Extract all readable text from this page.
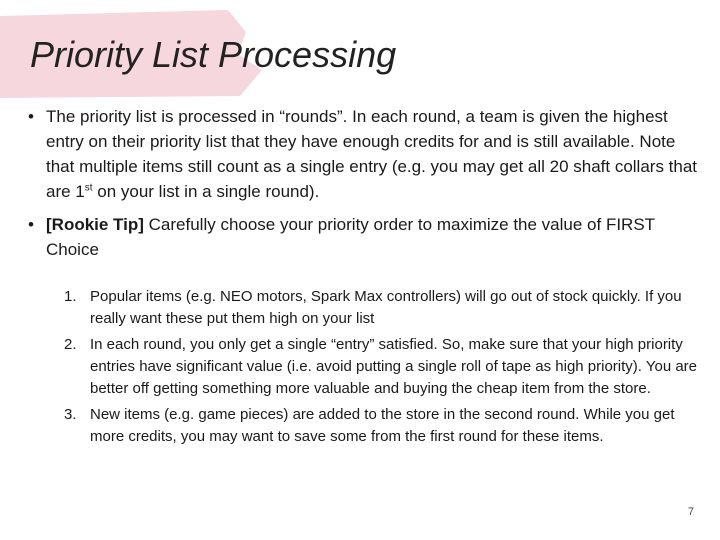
Priority List Processing
• The priority list is processed in “rounds”. In each round, a team is given the highest entry on their priority list that they have enough credits for and is still available. Note that multiple items still count as a single entry (e.g. you may get all 20 shaft collars that are 1st on your list in a single round).
• [Rookie Tip] Carefully choose your priority order to maximize the value of FIRST Choice
1. Popular items (e.g. NEO motors, Spark Max controllers) will go out of stock quickly. If you really want these put them high on your list
2. In each round, you only get a single “entry” satisfied. So, make sure that your high priority entries have significant value (i.e. avoid putting a single roll of tape as high priority). You are better off getting something more valuable and buying the cheap item from the store.
3. New items (e.g. game pieces) are added to the store in the second round. While you get more credits, you may want to save some from the first round for these items.
7
